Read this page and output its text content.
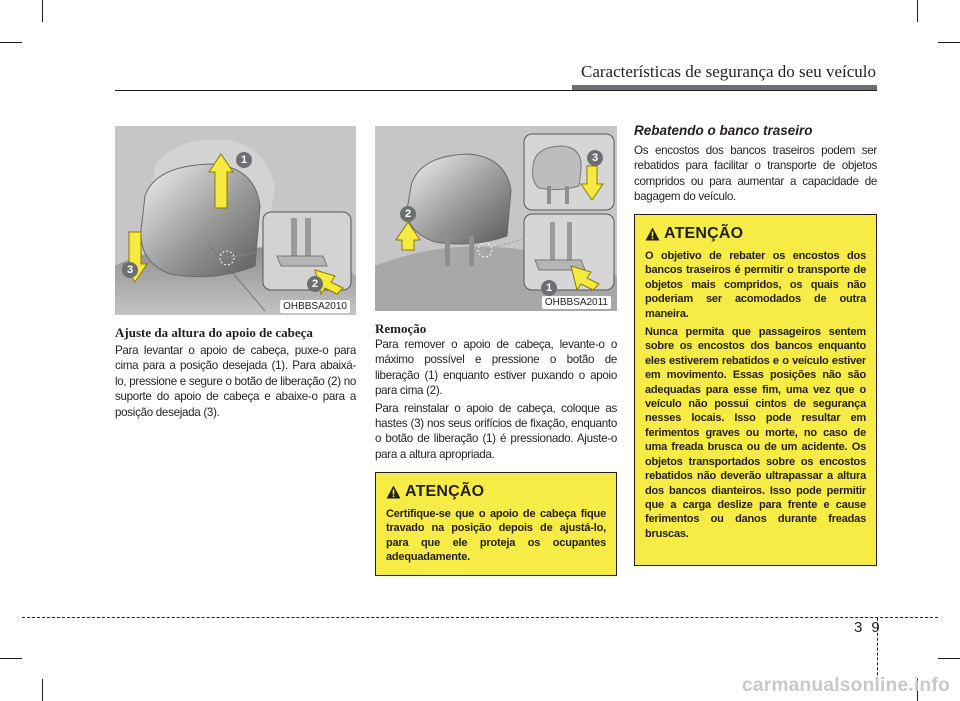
Características de segurança do seu veículo
1
2
3
OHBBSA2010
2
3
1
OHBBSA2011
Ajuste da altura do apoio de cabeça

Para levantar o apoio de cabeça, puxe-o para cima para a posição desejada (1). Para abaixá-lo, pressione e segure o botão de liberação (2) no suporte do apoio de cabeça e abaixe-o para a posição desejada (3).

Remoção

Para remover o apoio de cabeça, levante-o o máximo possível e pressione o botão de liberação (1) enquanto estiver puxando o apoio para cima (2).

Para reinstalar o apoio de cabeça, coloque as hastes (3) nos seus orifícios de fixação, enquanto o botão de liberação (1) é pressionado. Ajuste-o para a altura apropriada.

ATENÇÃO

Certifique-se que o apoio de cabeça fique travado na posição depois de ajustá-lo, para que ele proteja os ocupantes adequadamente.

Rebatendo o banco traseiro

Os encostos dos bancos traseiros podem ser rebatidos para facilitar o transporte de objetos compridos ou para aumentar a capacidade de bagagem do veículo.

ATENÇÃO

O objetivo de rebater os encostos dos bancos traseiros é permitir o transporte de objetos mais compridos, os quais não poderiam ser acomodados de outra maneira.

Nunca permita que passageiros sentem sobre os encostos dos bancos enquanto eles estiverem rebatidos e o veículo estiver em movimento. Essas posições não são adequadas para esse fim, uma vez que o veículo não possui cintos de segurança nesses locais. Isso pode resultar em ferimentos graves ou morte, no caso de uma freada brusca ou de um acidente. Os objetos transportados sobre os encostos rebatidos não deverão ultrapassar a altura dos bancos dianteiros. Isso pode permitir que a carga deslize para frente e cause ferimentos ou danos durante freadas bruscas.

3 9
carmanualsonline.info
